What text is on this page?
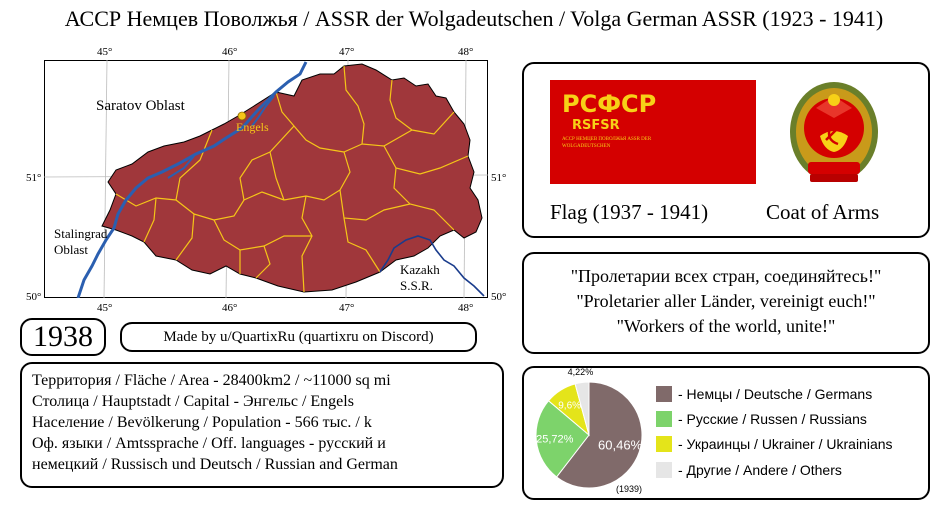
АССР Немцев Поволжья / ASSR der Wolgadeutschen / Volga German ASSR (1923 - 1941)
45°	46°	47°	48°
51°	51°
50°	50°
45°	46°	47°	48°
Engels
Saratov Oblast
Stalingrad
Oblast
Kazakh
S.S.R.
1938	Made by u/QuartixRu (quartixru on Discord)
Территория / Fläche / Area - 28400km2 / ~11000 sq mi
Столица / Hauptstadt / Capital - Энгельс / Engels
Население / Bevölkerung / Population - 566 тыс. / k
Оф. языки / Amtssprache / Off. languages - русский и
немецкий / Russisch und Deutsch / Russian and German
РСФСР
RSFSR
АССР НЕМЦЕВ ПОВОЛЖЬЯ ASSR DER WOLGADEUTSCHEN
Flag (1937 - 1941)	Coat of Arms
"Пролетарии всех стран, соединяйтесь!"
"Proletarier aller Länder, vereinigt euch!"
"Workers of the world, unite!"
60,46%
25,72%
9,6%
4,22%
(1939)
- Немцы / Deutsche / Germans
- Русские / Russen / Russians
- Украинцы / Ukrainer / Ukrainians
- Другие / Andere / Others
